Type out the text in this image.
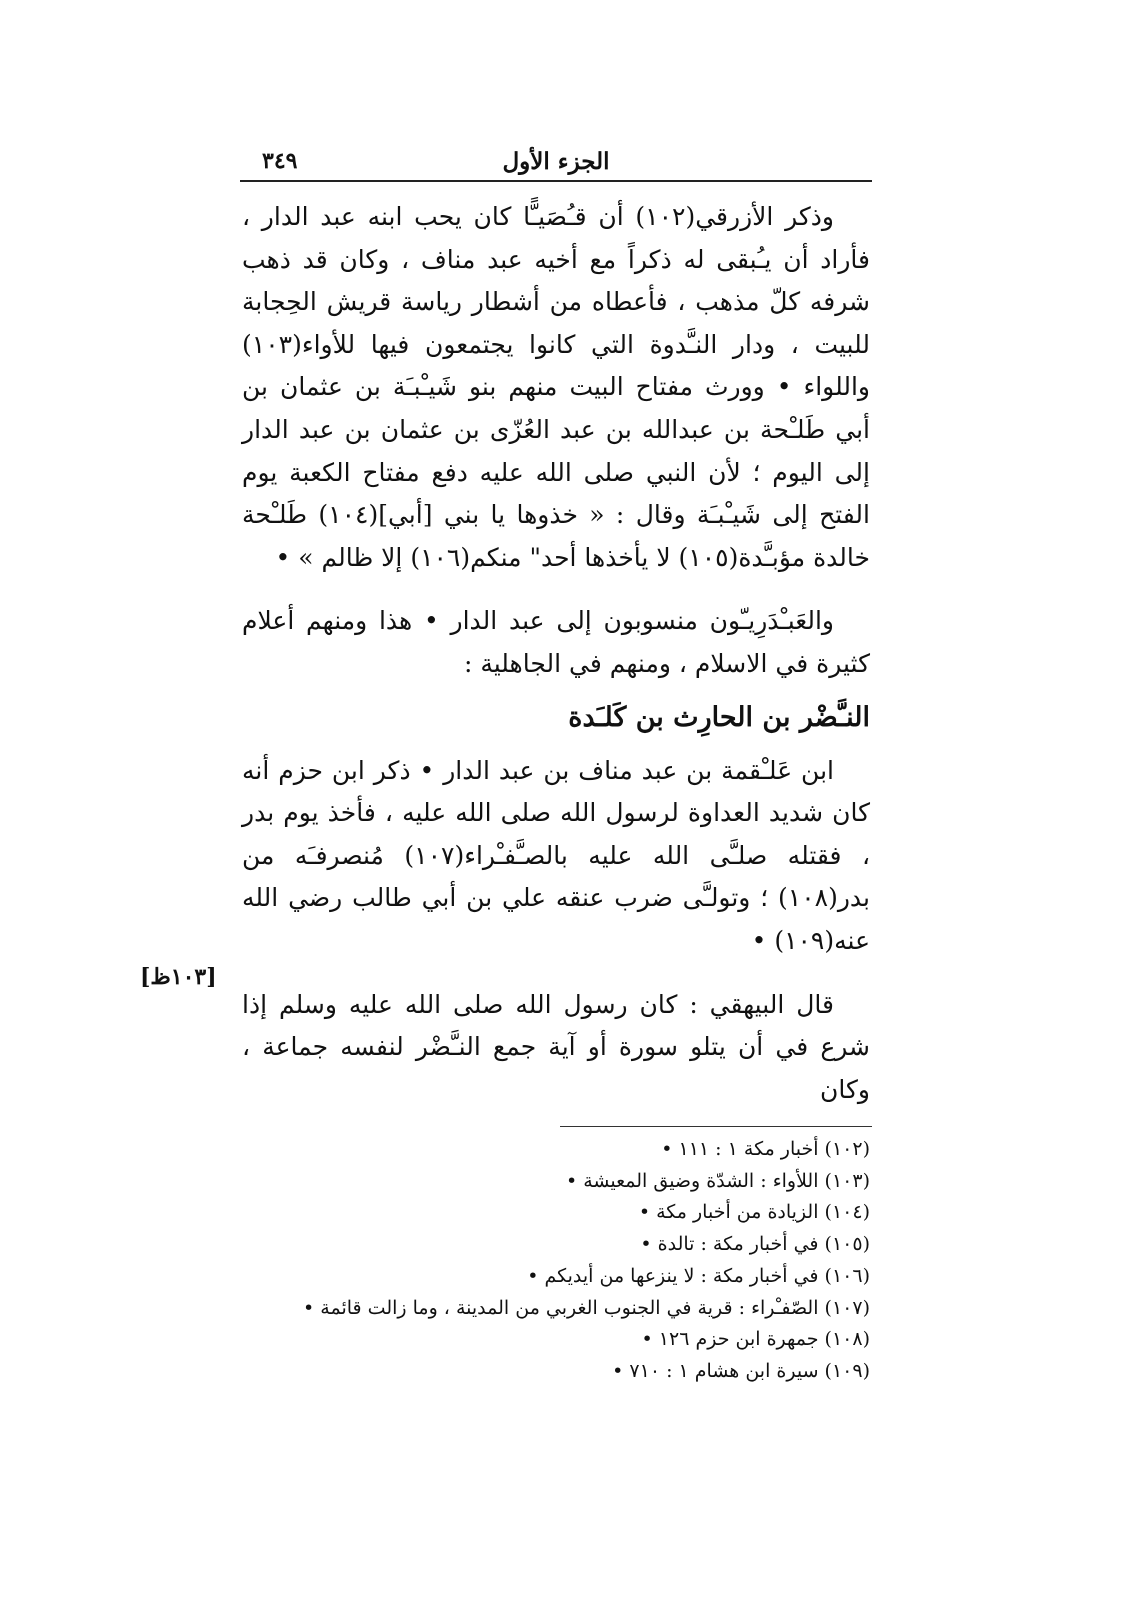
الجزء الأول
٣٤٩

وذكر الأزرقي(١٠٢) أن قـُصَيـًّا كان يحب ابنه عبد الدار ، فأراد أن يـُبقى له ذكراً مع أخيه عبد مناف ، وكان قد ذهب شرفه كلّ مذهب ، فأعطاه من أشطار رياسة قريش الحِجابة للبيت ، ودار النـَّدوة التي كانوا يجتمعون فيها للأواء(١٠٣) واللواء • وورث مفتاح البيت منهم بنو شَيـْبـَة بن عثمان بن أبي طَلـْحة بن عبدالله بن عبد العُزّى بن عثمان بن عبد الدار إلى اليوم ؛ لأن النبي صلى الله عليه دفع مفتاح الكعبة يوم الفتح إلى شَيـْبـَة وقال : « خذوها يا بني [أبي](١٠٤) طَلـْحة خالدة مؤبـَّدة(١٠٥) لا يأخذها أحد" منكم(١٠٦) إلا ظالم » •

والعَبـْدَرِيـّون منسوبون إلى عبد الدار • هذا ومنهم أعلام كثيرة في الاسلام ، ومنهم في الجاهلية :

النـَّضْر بن الحارِث بن كَلـَدة

ابن عَلـْقمة بن عبد مناف بن عبد الدار • ذكر ابن حزم أنه كان شديد العداوة لرسول الله صلى الله عليه ، فأخذ يوم بدر ، فقتله صلـَّى الله عليه بالصـَّفـْراء(١٠٧) مُنصرفـَه من بدر(١٠٨) ؛ وتولـَّى ضرب عنقه علي بن أبي طالب رضي الله عنه(١٠٩) •

قال البيهقي : كان رسول الله صلى الله عليه وسلم إذا شرع في أن يتلو سورة أو آية جمع النـَّضْر لنفسه جماعة ، وكان

[١٠٣ظ]
(١٠٢) أخبار مكة ١ : ١١١ •
(١٠٣) اللأواء : الشدّة وضيق المعيشة •
(١٠٤) الزيادة من أخبار مكة •
(١٠٥) في أخبار مكة : تالدة •
(١٠٦) في أخبار مكة : لا ينزعها من أيديكم •
(١٠٧) الصّفـْراء : قرية في الجنوب الغربي من المدينة ، وما زالت قائمة •
(١٠٨) جمهرة ابن حزم ١٢٦ •
(١٠٩) سيرة ابن هشام ١ : ٧١٠ •
